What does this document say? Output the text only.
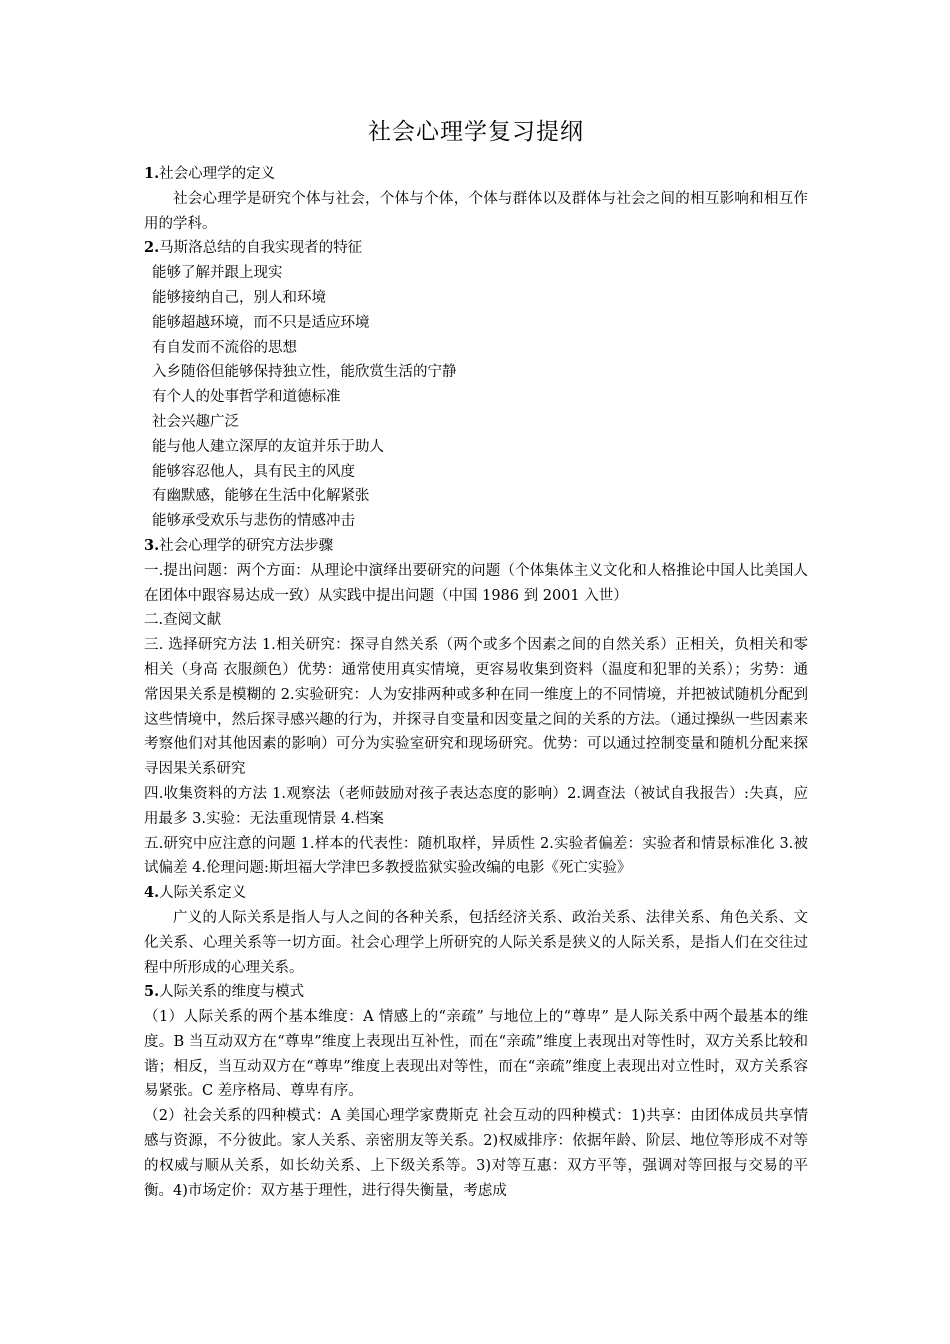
社会心理学复习提纲

1.社会心理学的定义

社会心理学是研究个体与社会，个体与个体，个体与群体以及群体与社会之间的相互影响和相互作用的学科。

2.马斯洛总结的自我实现者的特征

能够了解并跟上现实

能够接纳自己，别人和环境

能够超越环境，而不只是适应环境

有自发而不流俗的思想

入乡随俗但能够保持独立性，能欣赏生活的宁静

有个人的处事哲学和道德标准

社会兴趣广泛

能与他人建立深厚的友谊并乐于助人

能够容忍他人，具有民主的风度

有幽默感，能够在生活中化解紧张

能够承受欢乐与悲伤的情感冲击

3.社会心理学的研究方法步骤

一.提出问题：两个方面：从理论中演绎出要研究的问题（个体集体主义文化和人格推论中国人比美国人在团体中跟容易达成一致）从实践中提出问题（中国 1986 到 2001 入世）

二.查阅文献

三. 选择研究方法 1.相关研究：探寻自然关系（两个或多个因素之间的自然关系）正相关，负相关和零相关（身高 衣服颜色）优势：通常使用真实情境，更容易收集到资料（温度和犯罪的关系）；劣势：通常因果关系是模糊的 2.实验研究：人为安排两种或多种在同一维度上的不同情境，并把被试随机分配到这些情境中，然后探寻感兴趣的行为，并探寻自变量和因变量之间的关系的方法。（通过操纵一些因素来考察他们对其他因素的影响）可分为实验室研究和现场研究。优势：可以通过控制变量和随机分配来探寻因果关系研究

四.收集资料的方法 1.观察法（老师鼓励对孩子表达态度的影响）2.调查法（被试自我报告）:失真，应用最多 3.实验：无法重现情景 4.档案

五.研究中应注意的问题 1.样本的代表性：随机取样，异质性 2.实验者偏差：实验者和情景标准化 3.被试偏差 4.伦理问题:斯坦福大学津巴多教授监狱实验改编的电影《死亡实验》

4.人际关系定义

广义的人际关系是指人与人之间的各种关系，包括经济关系、政治关系、法律关系、角色关系、文化关系、心理关系等一切方面。社会心理学上所研究的人际关系是狭义的人际关系，是指人们在交往过程中所形成的心理关系。

5.人际关系的维度与模式

（1）人际关系的两个基本维度：A 情感上的“亲疏” 与地位上的“尊卑” 是人际关系中两个最基本的维度。B 当互动双方在“尊卑”维度上表现出互补性，而在“亲疏”维度上表现出对等性时，双方关系比较和谐；相反，当互动双方在“尊卑”维度上表现出对等性，而在“亲疏”维度上表现出对立性时，双方关系容易紧张。C 差序格局、尊卑有序。

（2）社会关系的四种模式：A 美国心理学家费斯克 社会互动的四种模式：1)共享：由团体成员共享情感与资源，不分彼此。家人关系、亲密朋友等关系。2)权威排序：依据年龄、阶层、地位等形成不对等的权威与顺从关系，如长幼关系、上下级关系等。3)对等互惠：双方平等，强调对等回报与交易的平衡。4)市场定价：双方基于理性，进行得失衡量，考虑成
